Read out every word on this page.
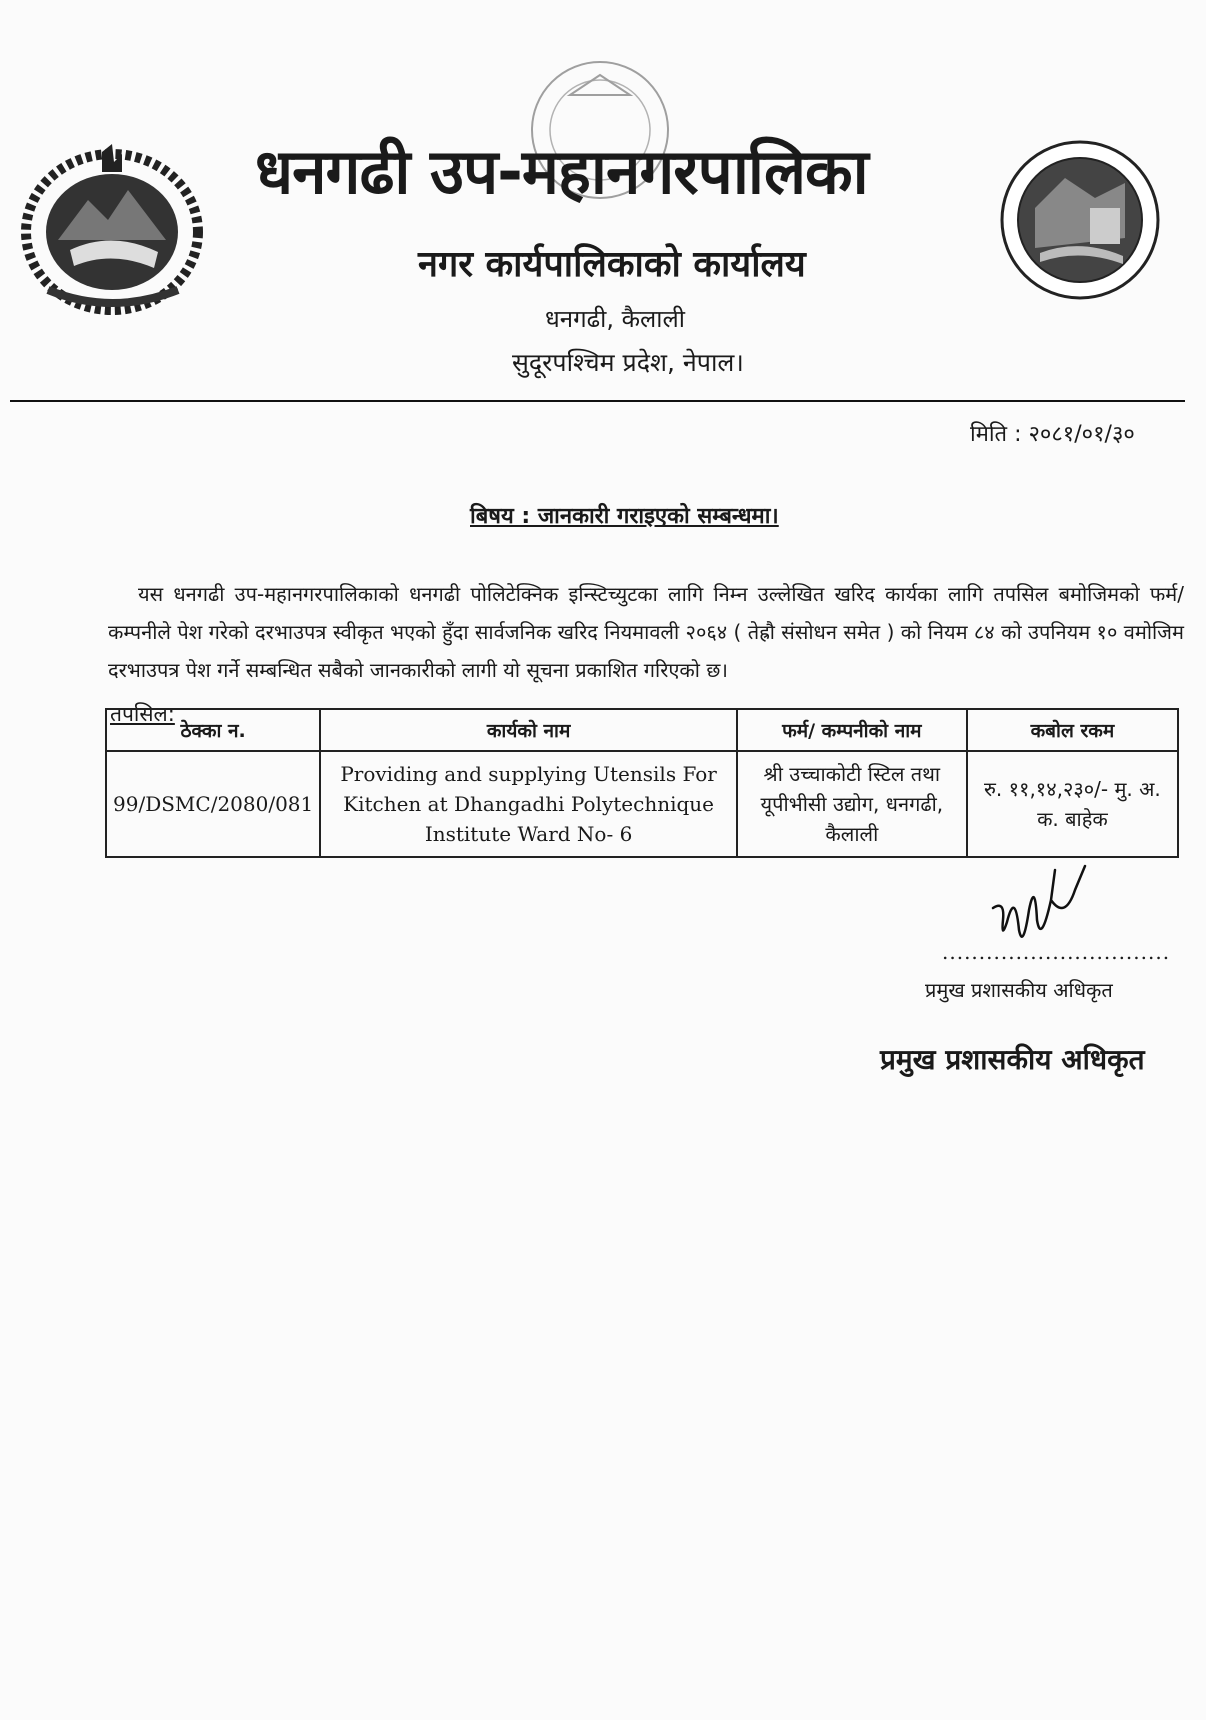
धनगढी उप-महानगरपालिका
नगर कार्यपालिकाको कार्यालय
धनगढी, कैलाली
सुदूरपश्चिम प्रदेश, नेपाल।
मिति : २०८१/०१/३०
बिषय : जानकारी गराइएको सम्बन्धमा।
यस धनगढी उप-महानगरपालिकाको धनगढी पोलिटेक्निक इन्स्टिच्युटका लागि निम्न उल्लेखित खरिद कार्यका लागि तपसिल बमोजिमको फर्म/ कम्पनीले पेश गरेको दरभाउपत्र स्वीकृत भएको हुँदा सार्वजनिक खरिद नियमावली २०६४ ( तेह्रौ संसोधन समेत ) को नियम ८४ को उपनियम १० वमोजिम दरभाउपत्र पेश गर्ने सम्बन्धित सबैको जानकारीको लागी यो सूचना प्रकाशित गरिएको छ।
तपसिल:
ठेक्का न.	कार्यको नाम	फर्म/ कम्पनीको नाम	कबोल रकम
99/DSMC/2080/081	Providing and supplying Utensils For Kitchen at Dhangadhi Polytechnique Institute Ward No- 6	श्री उच्चाकोटी स्टिल तथा यूपीभीसी उद्योग, धनगढी, कैलाली	रु. ११,१४,२३०/- मु. अ. क. बाहेक
...............................
प्रमुख प्रशासकीय अधिकृत
प्रमुख प्रशासकीय अधिकृत
